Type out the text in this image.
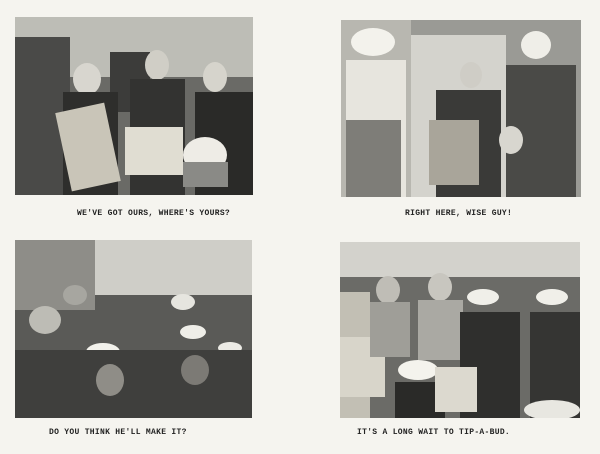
WE'VE GOT OURS, WHERE'S YOURS?	RIGHT HERE, WISE GUY!
DO YOU THINK HE'LL MAKE IT?	IT'S A LONG WAIT TO TIP-A-BUD.
